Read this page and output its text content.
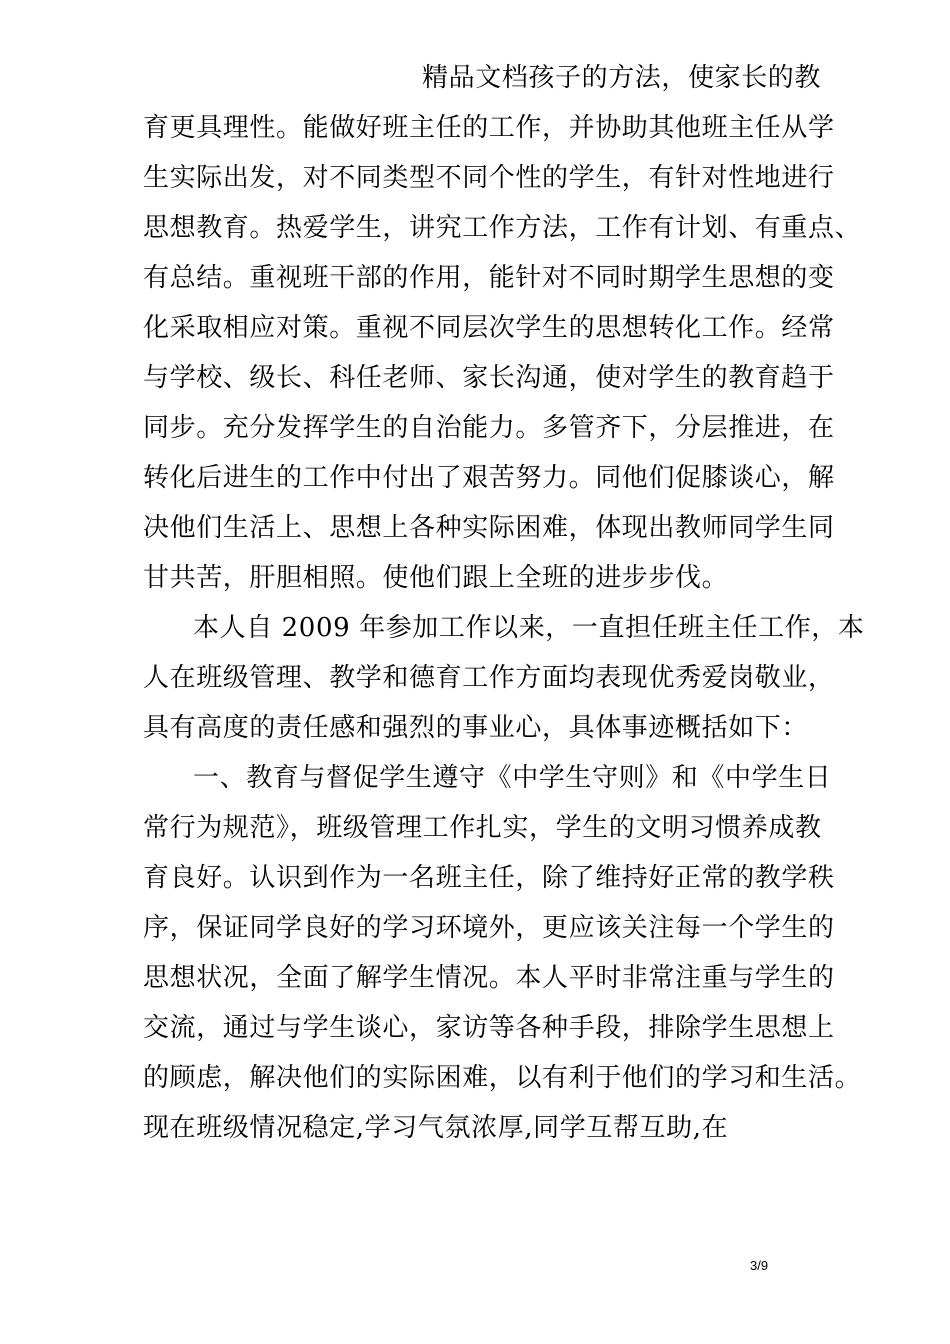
精品文档孩子的方法，使家长的教
育更具理性。能做好班主任的工作，并协助其他班主任从学
生实际出发，对不同类型不同个性的学生，有针对性地进行
思想教育。热爱学生，讲究工作方法，工作有计划、有重点、
有总结。重视班干部的作用，能针对不同时期学生思想的变
化采取相应对策。重视不同层次学生的思想转化工作。经常
与学校、级长、科任老师、家长沟通，使对学生的教育趋于
同步。充分发挥学生的自治能力。多管齐下，分层推进，在
转化后进生的工作中付出了艰苦努力。同他们促膝谈心，解
决他们生活上、思想上各种实际困难，体现出教师同学生同
甘共苦，肝胆相照。使他们跟上全班的进步步伐。
本人自 2009 年参加工作以来，一直担任班主任工作，本
人在班级管理、教学和德育工作方面均表现优秀爱岗敬业，
具有高度的责任感和强烈的事业心，具体事迹概括如下：
一、教育与督促学生遵守《中学生守则》和《中学生日
常行为规范》，班级管理工作扎实，学生的文明习惯养成教
育良好。认识到作为一名班主任，除了维持好正常的教学秩
序，保证同学良好的学习环境外，更应该关注每一个学生的
思想状况，全面了解学生情况。本人平时非常注重与学生的
交流，通过与学生谈心，家访等各种手段，排除学生思想上
的顾虑，解决他们的实际困难，以有利于他们的学习和生活。
现在班级情况稳定,学习气氛浓厚,同学互帮互助,在
3/9
